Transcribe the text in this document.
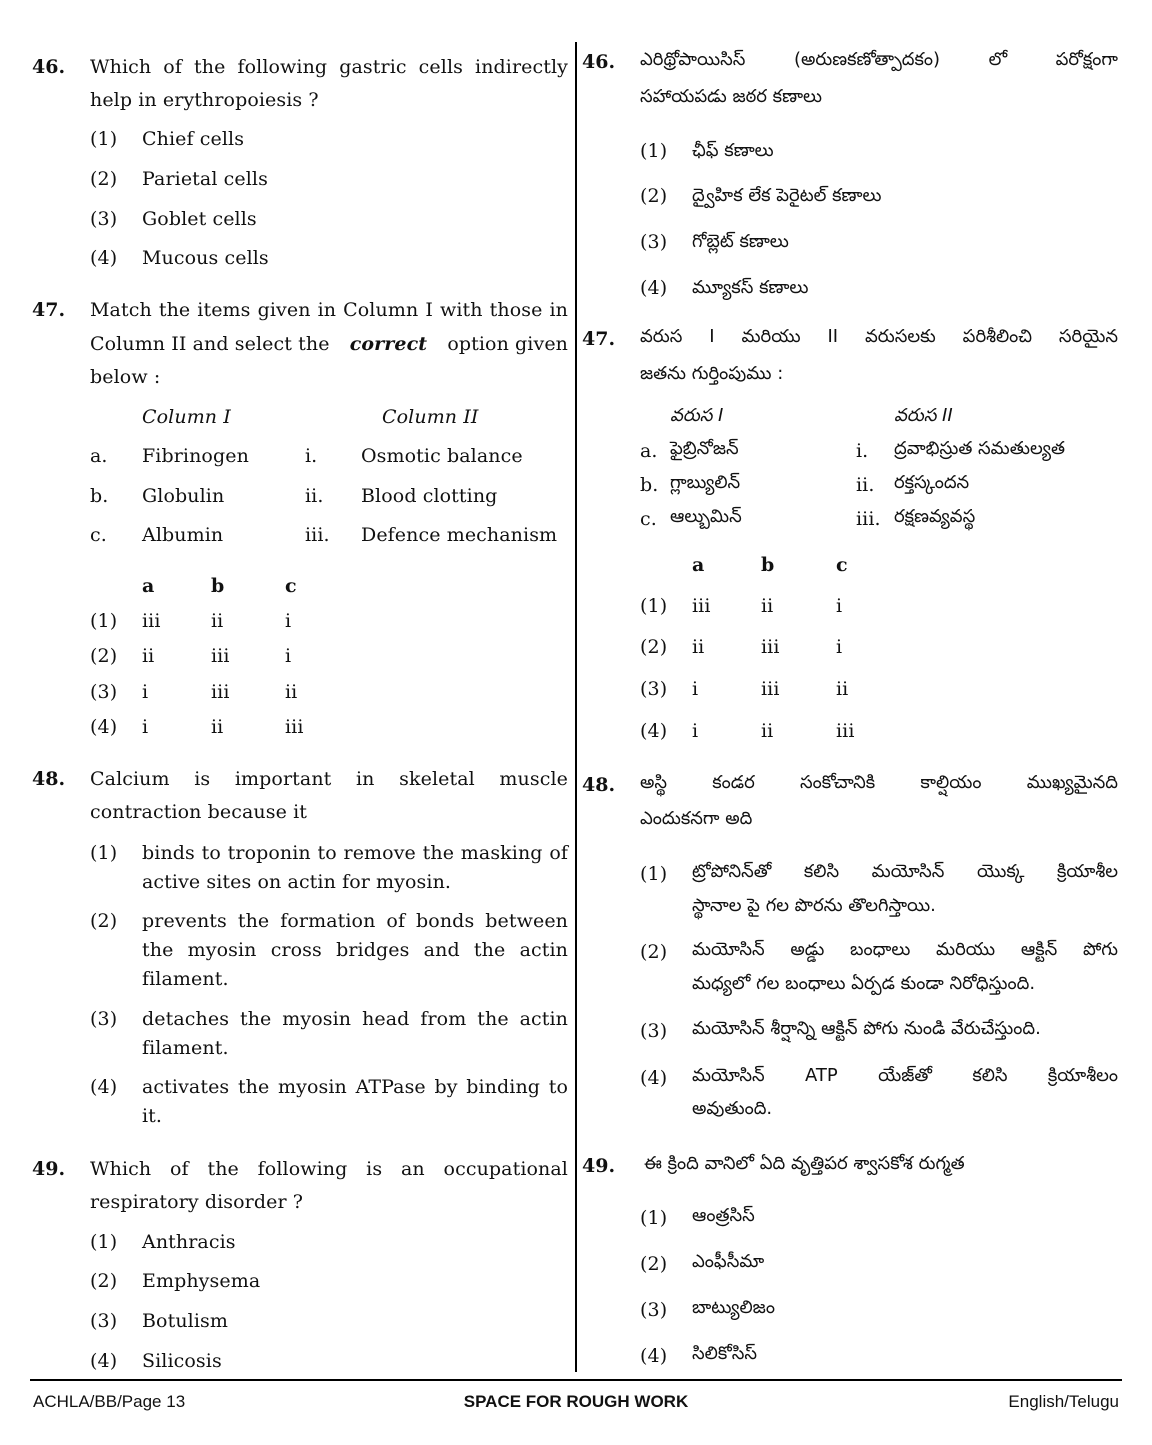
46. Which of the following gastric cells indirectly
help in erythropoiesis ?
(1) Chief cells
(2) Parietal cells
(3) Goblet cells
(4) Mucous cells
47. Match the items given in Column I with those in
Column II and select the correct option given
below :
Column I	Column II
a. Fibrinogen	i. Osmotic balance
b. Globulin	ii. Blood clotting
c. Albumin	iii. Defence mechanism
a	b	c
(1) iii	ii	i
(2) ii	iii	i
(3) i	iii	ii
(4) i	ii	iii
48. Calcium is important in skeletal muscle
contraction because it
(1) binds to troponin to remove the masking of
active sites on actin for myosin.
(2) prevents the formation of bonds between
the myosin cross bridges and the actin
filament.
(3) detaches the myosin head from the actin
filament.
(4) activates the myosin ATPase by binding to
it.
49. Which of the following is an occupational
respiratory disorder ?
(1) Anthracis
(2) Emphysema
(3) Botulism
(4) Silicosis
46. ఎరిథ్రోపాయిసిస్ (అరుణకణోత్పాదకం) లో పరోక్షంగా
సహాయపడు జఠర కణాలు
(1) ఛీఫ్ కణాలు
(2) ద్వైహిక లేక పెరైటల్ కణాలు
(3) గోబ్లెట్ కణాలు
(4) మ్యూకస్ కణాలు
47. వరుస I మరియు II వరుసలకు పరిశీలించి సరియైన
జతను గుర్తింపుము :
వరుస I	వరుస II
a. ఫైబ్రినోజన్	i. ద్రవాభిస్రుత సమతుల్యత
b. గ్లాబ్యులిన్	ii. రక్తస్కందన
c. ఆల్బుమిన్	iii. రక్షణవ్యవస్థ
a	b	c
(1) iii	ii	i
(2) ii	iii	i
(3) i	iii	ii
(4) i	ii	iii
48. అస్థి కండర సంకోచానికి కాల్షియం ముఖ్యమైనది
ఎందుకనగా అది
(1) ట్రోపోనిన్‌తో కలిసి మయోసిన్ యొక్క క్రియాశీల
స్థానాల పై గల పొరను తొలగిస్తాయి.
(2) మయోసిన్ అడ్డు బంధాలు మరియు ఆక్టిన్ పోగు
మధ్యలో గల బంధాలు ఏర్పడ కుండా నిరోధిస్తుంది.
(3) మయోసిన్ శీర్షాన్ని ఆక్టిన్ పోగు నుండి వేరుచేస్తుంది.
(4) మయోసిన్ ATP యేజ్‌తో కలిసి క్రియాశీలం
అవుతుంది.
49. ఈ క్రింది వానిలో ఏది వృత్తిపర శ్వాసకోశ రుగ్మత
(1) ఆంత్రసిస్
(2) ఎంఫీసీమా
(3) బాట్యులిజం
(4) సిలికోసిస్
ACHLA/BB/Page 13	SPACE FOR ROUGH WORK	English/Telugu
